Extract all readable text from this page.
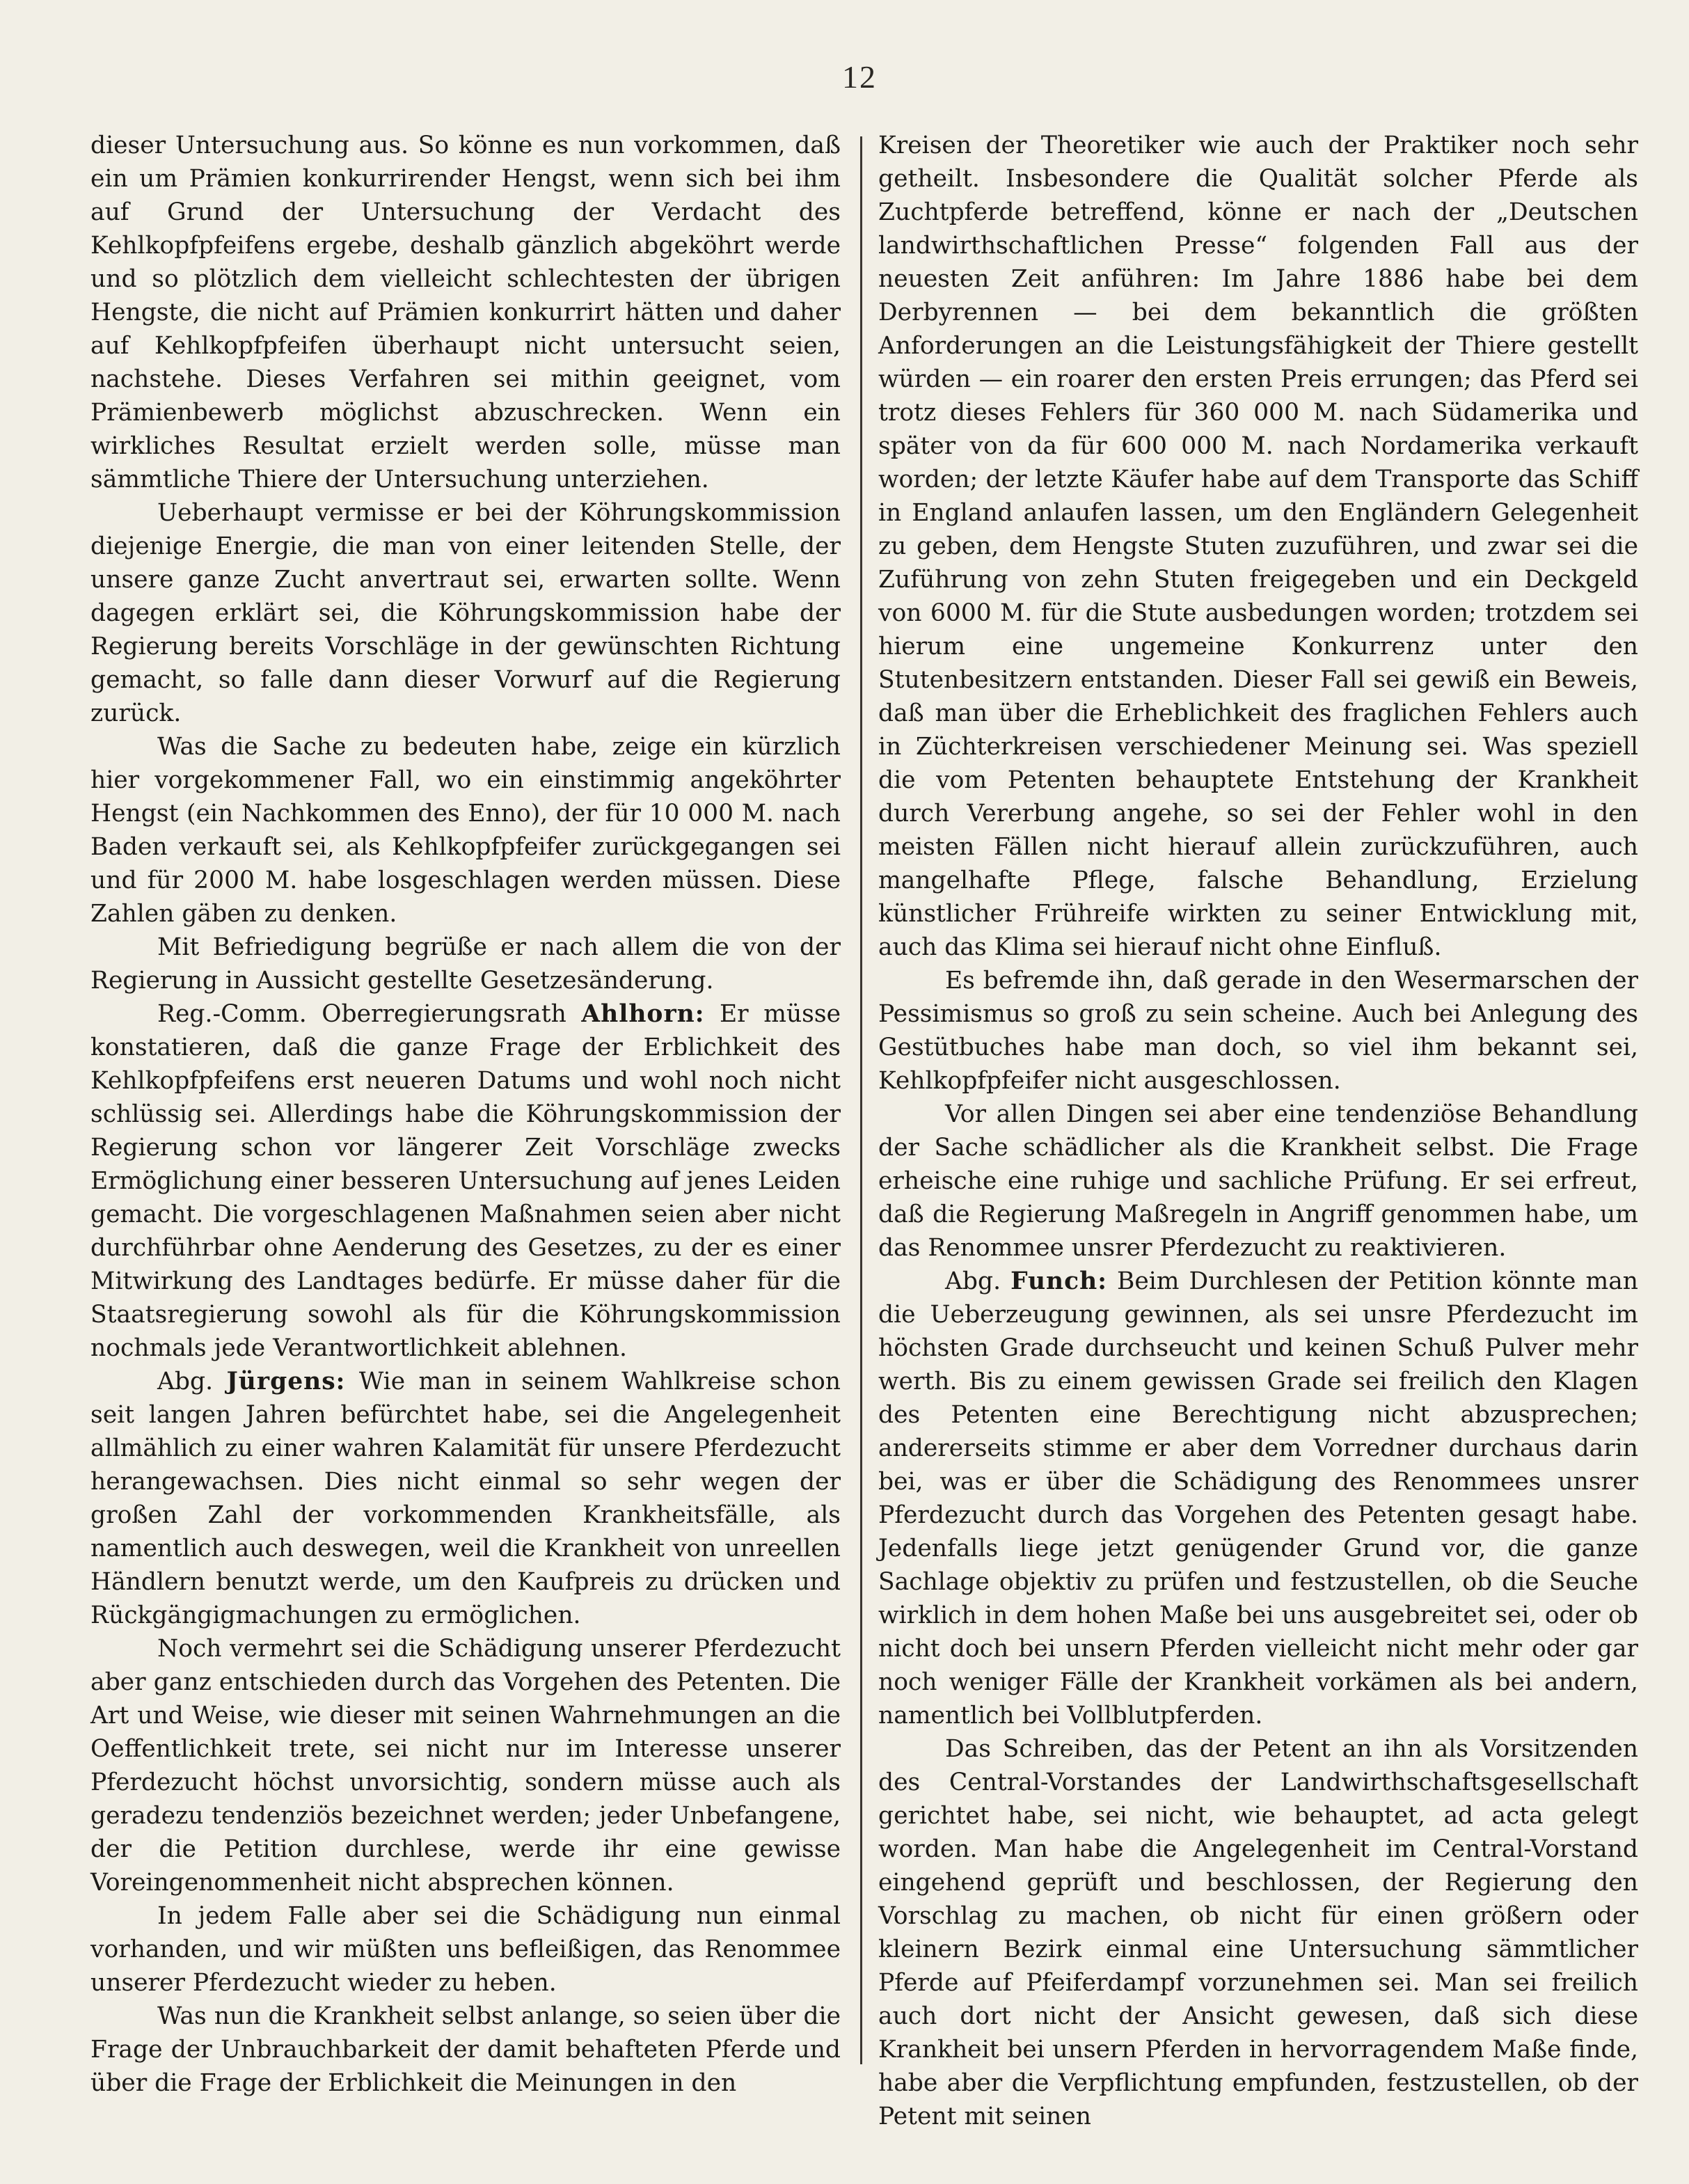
12

dieser Untersuchung aus. So könne es nun vorkommen, daß ein um Prämien konkurrirender Hengst, wenn sich bei ihm auf Grund der Untersuchung der Verdacht des Kehlkopfpfeifens ergebe, deshalb gänzlich abgeköhrt werde und so plötzlich dem vielleicht schlechtesten der übrigen Hengste, die nicht auf Prämien konkurrirt hätten und daher auf Kehlkopfpfeifen überhaupt nicht untersucht seien, nachstehe. Dieses Verfahren sei mithin geeignet, vom Prämienbewerb möglichst abzuschrecken. Wenn ein wirkliches Resultat erzielt werden solle, müsse man sämmtliche Thiere der Untersuchung unterziehen.

Ueberhaupt vermisse er bei der Köhrungskommission diejenige Energie, die man von einer leitenden Stelle, der unsere ganze Zucht anvertraut sei, erwarten sollte. Wenn dagegen erklärt sei, die Köhrungskommission habe der Regierung bereits Vorschläge in der gewünschten Richtung gemacht, so falle dann dieser Vorwurf auf die Regierung zurück.

Was die Sache zu bedeuten habe, zeige ein kürzlich hier vorgekommener Fall, wo ein einstimmig angeköhrter Hengst (ein Nachkommen des Enno), der für 10 000 M. nach Baden verkauft sei, als Kehlkopfpfeifer zurückgegangen sei und für 2000 M. habe losgeschlagen werden müssen. Diese Zahlen gäben zu denken.

Mit Befriedigung begrüße er nach allem die von der Regierung in Aussicht gestellte Gesetzesänderung.

Reg.-Comm. Oberregierungsrath Ahlhorn: Er müsse konstatieren, daß die ganze Frage der Erblichkeit des Kehlkopfpfeifens erst neueren Datums und wohl noch nicht schlüssig sei. Allerdings habe die Köhrungskommission der Regierung schon vor längerer Zeit Vorschläge zwecks Ermöglichung einer besseren Untersuchung auf jenes Leiden gemacht. Die vorgeschlagenen Maßnahmen seien aber nicht durchführbar ohne Aenderung des Gesetzes, zu der es einer Mitwirkung des Landtages bedürfe. Er müsse daher für die Staatsregierung sowohl als für die Köhrungskommission nochmals jede Verantwortlichkeit ablehnen.

Abg. Jürgens: Wie man in seinem Wahlkreise schon seit langen Jahren befürchtet habe, sei die Angelegenheit allmählich zu einer wahren Kalamität für unsere Pferdezucht herangewachsen. Dies nicht einmal so sehr wegen der großen Zahl der vorkommenden Krankheitsfälle, als namentlich auch deswegen, weil die Krankheit von unreellen Händlern benutzt werde, um den Kaufpreis zu drücken und Rückgängigmachungen zu ermöglichen.

Noch vermehrt sei die Schädigung unserer Pferdezucht aber ganz entschieden durch das Vorgehen des Petenten. Die Art und Weise, wie dieser mit seinen Wahrnehmungen an die Oeffentlichkeit trete, sei nicht nur im Interesse unserer Pferdezucht höchst unvorsichtig, sondern müsse auch als geradezu tendenziös bezeichnet werden; jeder Unbefangene, der die Petition durchlese, werde ihr eine gewisse Voreingenommenheit nicht absprechen können.

In jedem Falle aber sei die Schädigung nun einmal vorhanden, und wir müßten uns befleißigen, das Renommee unserer Pferdezucht wieder zu heben.

Was nun die Krankheit selbst anlange, so seien über die Frage der Unbrauchbarkeit der damit behafteten Pferde und über die Frage der Erblichkeit die Meinungen in den

Kreisen der Theoretiker wie auch der Praktiker noch sehr getheilt. Insbesondere die Qualität solcher Pferde als Zuchtpferde betreffend, könne er nach der „Deutschen landwirthschaftlichen Presse“ folgenden Fall aus der neuesten Zeit anführen: Im Jahre 1886 habe bei dem Derbyrennen — bei dem bekanntlich die größten Anforderungen an die Leistungsfähigkeit der Thiere gestellt würden — ein roarer den ersten Preis errungen; das Pferd sei trotz dieses Fehlers für 360 000 M. nach Südamerika und später von da für 600 000 M. nach Nordamerika verkauft worden; der letzte Käufer habe auf dem Transporte das Schiff in England anlaufen lassen, um den Engländern Gelegenheit zu geben, dem Hengste Stuten zuzuführen, und zwar sei die Zuführung von zehn Stuten freigegeben und ein Deckgeld von 6000 M. für die Stute ausbedungen worden; trotzdem sei hierum eine ungemeine Konkurrenz unter den Stutenbesitzern entstanden. Dieser Fall sei gewiß ein Beweis, daß man über die Erheblichkeit des fraglichen Fehlers auch in Züchterkreisen verschiedener Meinung sei. Was speziell die vom Petenten behauptete Entstehung der Krankheit durch Vererbung angehe, so sei der Fehler wohl in den meisten Fällen nicht hierauf allein zurückzuführen, auch mangelhafte Pflege, falsche Behandlung, Erzielung künstlicher Frühreife wirkten zu seiner Entwicklung mit, auch das Klima sei hierauf nicht ohne Einfluß.

Es befremde ihn, daß gerade in den Wesermarschen der Pessimismus so groß zu sein scheine. Auch bei Anlegung des Gestütbuches habe man doch, so viel ihm bekannt sei, Kehlkopfpfeifer nicht ausgeschlossen.

Vor allen Dingen sei aber eine tendenziöse Behandlung der Sache schädlicher als die Krankheit selbst. Die Frage erheische eine ruhige und sachliche Prüfung. Er sei erfreut, daß die Regierung Maßregeln in Angriff genommen habe, um das Renommee unsrer Pferdezucht zu reaktivieren.

Abg. Funch: Beim Durchlesen der Petition könnte man die Ueberzeugung gewinnen, als sei unsre Pferdezucht im höchsten Grade durchseucht und keinen Schuß Pulver mehr werth. Bis zu einem gewissen Grade sei freilich den Klagen des Petenten eine Berechtigung nicht abzusprechen; andererseits stimme er aber dem Vorredner durchaus darin bei, was er über die Schädigung des Renommees unsrer Pferdezucht durch das Vorgehen des Petenten gesagt habe. Jedenfalls liege jetzt genügender Grund vor, die ganze Sachlage objektiv zu prüfen und festzustellen, ob die Seuche wirklich in dem hohen Maße bei uns ausgebreitet sei, oder ob nicht doch bei unsern Pferden vielleicht nicht mehr oder gar noch weniger Fälle der Krankheit vorkämen als bei andern, namentlich bei Vollblutpferden.

Das Schreiben, das der Petent an ihn als Vorsitzenden des Central-Vorstandes der Landwirthschaftsgesellschaft gerichtet habe, sei nicht, wie behauptet, ad acta gelegt worden. Man habe die Angelegenheit im Central-Vorstand eingehend geprüft und beschlossen, der Regierung den Vorschlag zu machen, ob nicht für einen größern oder kleinern Bezirk einmal eine Untersuchung sämmtlicher Pferde auf Pfeiferdampf vorzunehmen sei. Man sei freilich auch dort nicht der Ansicht gewesen, daß sich diese Krankheit bei unsern Pferden in hervorragendem Maße finde, habe aber die Verpflichtung empfunden, festzustellen, ob der Petent mit seinen
